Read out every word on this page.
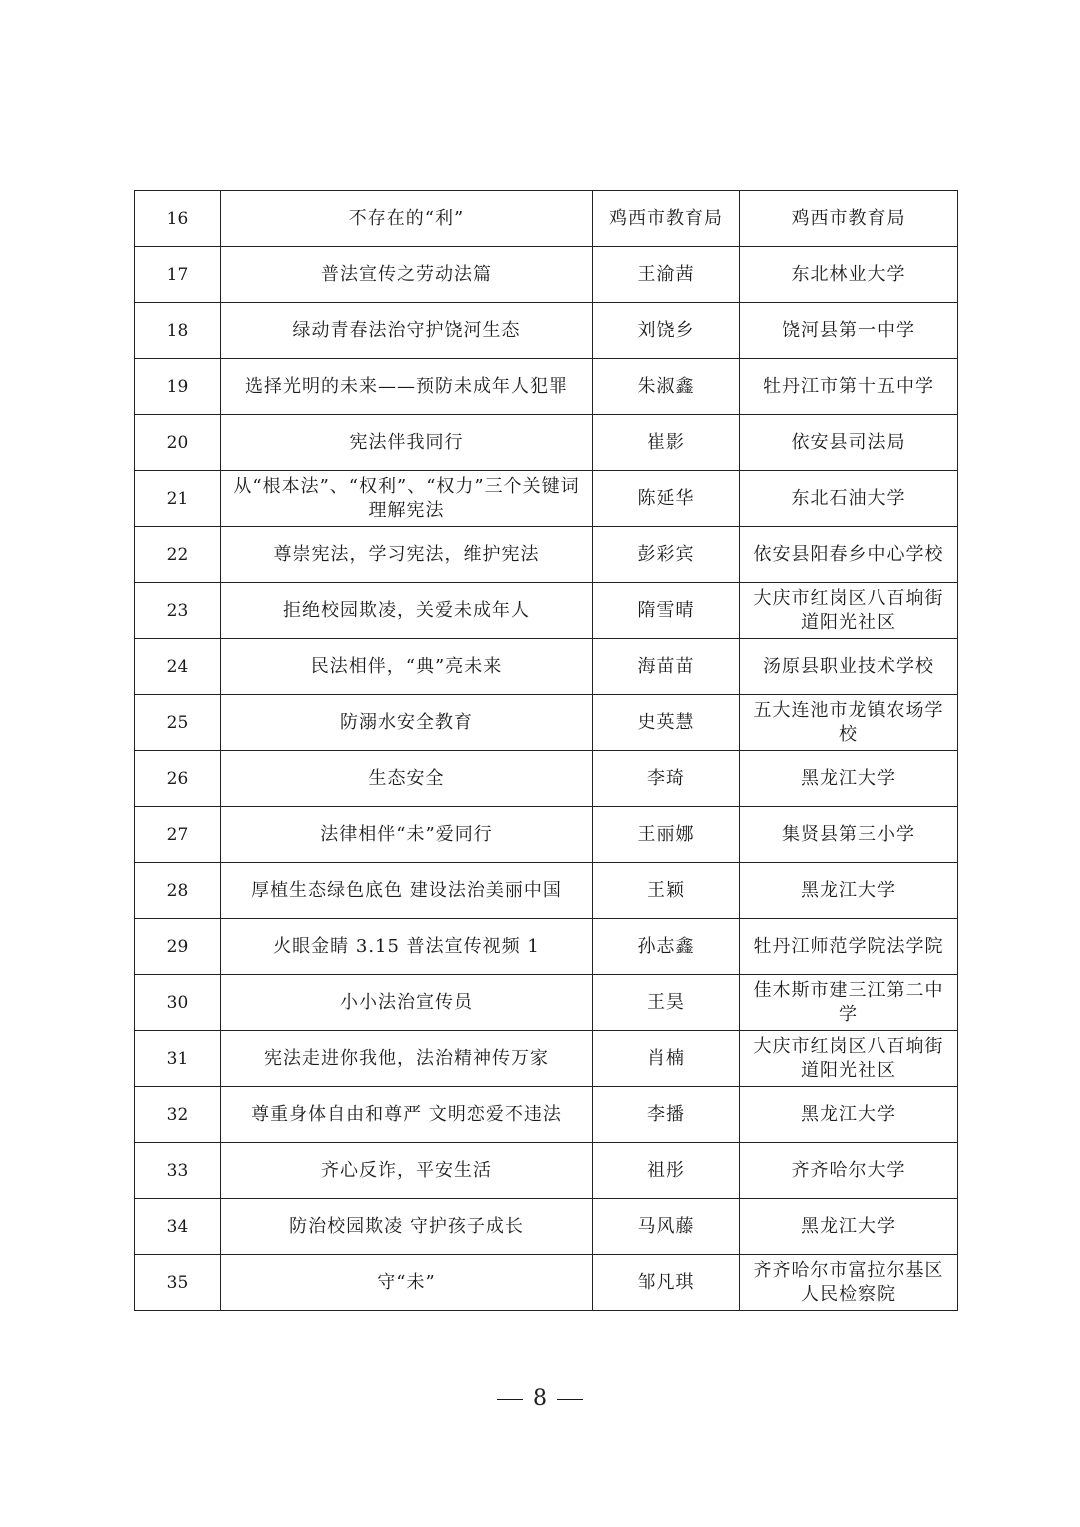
16	不存在的“利”	鸡西市教育局	鸡西市教育局
17	普法宣传之劳动法篇	王渝茜	东北林业大学
18	绿动青春法治守护饶河生态	刘饶乡	饶河县第一中学
19	选择光明的未来——预防未成年人犯罪	朱淑鑫	牡丹江市第十五中学
20	宪法伴我同行	崔影	依安县司法局
21	从“根本法”、“权利”、“权力”三个关键词理解宪法	陈延华	东北石油大学
22	尊崇宪法，学习宪法，维护宪法	彭彩宾	依安县阳春乡中心学校
23	拒绝校园欺凌，关爱未成年人	隋雪晴	大庆市红岗区八百垧街道阳光社区
24	民法相伴，“典”亮未来	海苗苗	汤原县职业技术学校
25	防溺水安全教育	史英慧	五大连池市龙镇农场学校
26	生态安全	李琦	黑龙江大学
27	法律相伴“未”爱同行	王丽娜	集贤县第三小学
28	厚植生态绿色底色 建设法治美丽中国	王颖	黑龙江大学
29	火眼金睛 3.15 普法宣传视频 1	孙志鑫	牡丹江师范学院法学院
30	小小法治宣传员	王昊	佳木斯市建三江第二中学
31	宪法走进你我他，法治精神传万家	肖楠	大庆市红岗区八百垧街道阳光社区
32	尊重身体自由和尊严 文明恋爱不违法	李播	黑龙江大学
33	齐心反诈，平安生活	祖彤	齐齐哈尔大学
34	防治校园欺凌 守护孩子成长	马风藤	黑龙江大学
35	守“未”	邹凡琪	齐齐哈尔市富拉尔基区人民检察院
8
